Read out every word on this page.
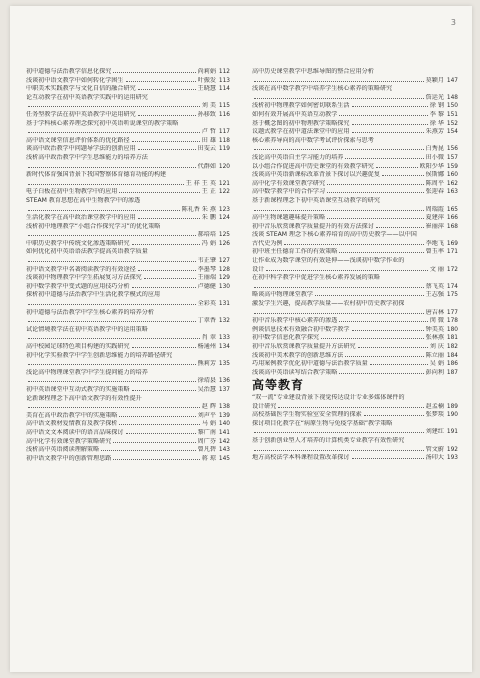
3
初中道德与法治教学信息化探究	尚莉娟 112
浅谈初中语文教学中如何转化学困生	叶振发 113
中职美术实践教学与文化自信的融合研究	王晓慧 114
论互动教学在初中英语教学实践中的运用研究
刘 美 115
任务型教学法在初中英语教学中运用研究	孙移致 116
基于学科核心素养理念探究初中英语听说课堂的教学策略
卢 哲 117
高中语文课堂信息评价体系的优化路径	田 雄 118
谈高中政治教学中问题导学法的创新应用	田雯云 119
浅析高中政治教学中学生思维能力的培养方法
代群如 120
新时代体育强国背景下我国警察体育德育功能的构建
王 祥 王 英 121
电子白板在初中生物教学中的应用	王 正 122
STEAM 教育思想在高中生物教学中的渗透
陈礼香 朱 燕 123
生活化教学在高中政治课堂教学中的应用	朱 鹏 124
浅析初中地理教学“小组合作探究学习”的优化策略
郝培培 125
中职历史教学中传统文化渗透策略研究	冯 娟 126
如何优化初中英语语法教学提高英语教学质量
韦正肇 127
初中语文教学中名著阅读教学的有效途径	李墨琴 128
浅谈初中物理教学中学生拓展复习方法探究	王丽端 129
初中数学教学中变式题的应用技巧分析	卢德健 130
探析初中道德与法治教学中生活化教学模式的应用
全彩英 131
初中道德与法治教学中学生核心素养的培养分析
丁翠香 132
试论情境教学法在初中英语教学中的运用策略
肖 翠 133
高中校园足球特色项目构建的实践研究	杨通州 134
初中化学实验教学中学生创新思维能力的培养路径研究
熊莉芳 135
浅论高中物理课堂教学中学生提问能力的培养
徐靖县 136
初中英语课堂中互动式教学的实施策略	吴治慧 137
论新课程理念下高中语文教学的有效性提升
赵 辉 138
美育在高中政治教学中的实施策略	刘声平 139
高中语文教材爱情教育及教学探析	马 娟 140
高中语文文本阅读中的语言品味探讨	黎广南 141
高中化学有效课堂教学策略研究	周广芬 142
浅析高中英语阅读理解策略	曾凡碧 143
初中语文教学中的创新管理思路	蒋 琼 145
高中历史课堂教学中思维导图的整合应用分析
莫颖月 147
浅谈在高中数学教学中培养学生核心素养的策略研究
詹运光 148
浅析初中物理教学如何密切联系生活	徐 钢 150
如何有效开展高中英语互动教学	李 黎 151
基于概念图的初中物理教学策略探究	徐 华 152
议题式教学在初中道法课堂中的应用	朱燕芳 154
核心素养导向的高中数学考试评价探索与思考
白秀昆 156
浅论高中英语自主学习能力的培养	田小微 157
以小组合作促进高中历史课堂的有效教学研究	欧阳少华 159
浅谈高中英语新课标改革背景下探讨以兴趣促复	侯斯娜 160
高中化学有效课堂教学研究	陈周平 162
高中数学教学中的合作学习	张迎春 163
基于新课程理念下初中英语课堂互动教学的研究
周瑞霞 165
高中生物课题趣味提升策略	夏建萍 166
初中音乐欣赏课教学质量提升的有效方法探讨	崔丽萍 168
浅谈 STEAM 理念下核心素养培育的高中历史教学——以中国
古代史为例	李地飞 169
初中班主任德育工作的有效策略	曾玉率 171
让作业成为数学课堂的有效延伸——浅谈初中数学作业的
设计	文 丽 172
在初中科学教学中促进学生核心素养发展的策略
蔡飞英 174
略谈高中物理课堂教学	王志强 175
激发学生兴趣，提高教学质量——农村初中历史教学初探
唐吉林 177
初中音乐教学中核心素养的渗透	闵 微 178
例谈信息技术有效融合初中数学教学	钟美英 180
初中数学信息化教学探究	张林燕 181
初中音乐欣赏课教学质量提升方法研究	刘 庆 182
浅谈初中美术教学的创新思维方法	陈立丽 184
巧用案例教学优化初中道德与法治教学质量	吴 娟 186
浅谈高中英语读写结合教学策略	彭向利 187
高等教育
“双一流”专业建设背景下视觉传达设计专业多媒体课件的
设计研究	赵孟楠 189
高校基础医学生物实验室安全管理的探索	张梦琰 190
探讨项目化教学在“病原生物与免疫学基础”教学策略
刘建红 191
基于创新创业型人才培养的计算机类专业教学有效性研究
管文蔚 192
地方高校法学本科课程设置改革探讨	汤印大 193
